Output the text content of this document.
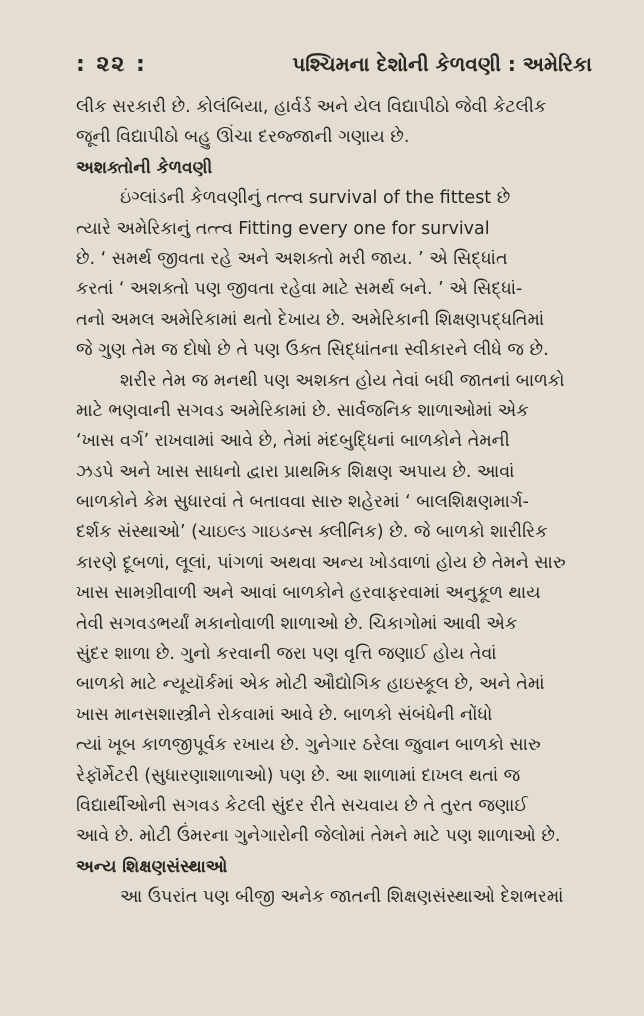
: ૨૨ :	પશ્ચિમના દેશોની કેળવણી : અમેરિકા
લીક સરકારી છે. કોલંબિયા, હાર્વર્ડ અને યેલ વિદ્યાપીઠો જેવી કેટલીક
જૂની વિદ્યાપીઠો બહુ ઊંચા દરજ્જાની ગણાય છે.
અશક્તોની કેળવણી
ઇંગ્લાંડની કેળવણીનું તત્ત્વ survival of the fittest છે
ત્યારે અમેરિકાનું તત્ત્વ Fitting every one for survival
છે. ‘ સમર્થ જીવતા રહે અને અશક્તો મરી જાય. ’ એ સિદ્ધાંત
કરતાં ‘ અશક્તો પણ જીવતા રહેવા માટે સમર્થ બને. ’ એ સિદ્ધાં-
તનો અમલ અમેરિકામાં થતો દેખાય છે. અમેરિકાની શિક્ષણપદ્ધતિમાં
જે ગુણ તેમ જ દોષો છે તે પણ ઉક્ત સિદ્ધાંતના સ્વીકારને લીધે જ છે.
શરીર તેમ જ મનથી પણ અશક્ત હોય તેવાં બધી જાતનાં બાળકો
માટે ભણવાની સગવડ અમેરિકામાં છે. સાર્વજનિક શાળાઓમાં એક
‘ખાસ વર્ગ’ રાખવામાં આવે છે, તેમાં મંદબુદ્ધિનાં બાળકોને તેમની
ઝડપે અને ખાસ સાધનો દ્વારા પ્રાથમિક શિક્ષણ અપાય છે. આવાં
બાળકોને કેમ સુધારવાં તે બતાવવા સારુ શહેરમાં ‘ બાલશિક્ષણમાર્ગ-
દર્શક સંસ્થાઓ’ (ચાઇલ્ડ ગાઇડન્સ ક્લીનિક) છે. જે બાળકો શારીરિક
કારણે દૂબળાં, લૂલાં, પાંગળાં અથવા અન્ય ખોડવાળાં હોય છે તેમને સારુ
ખાસ સામગ્રીવાળી અને આવાં બાળકોને હરવાફરવામાં અનુકૂળ થાય
તેવી સગવડભર્યાં મકાનોવાળી શાળાઓ છે. ચિકાગોમાં આવી એક
સુંદર શાળા છે. ગુનો કરવાની જરા પણ વૃત્તિ જણાઈ હોય તેવાં
બાળકો માટે ન્યૂયૉર્કમાં એક મોટી ઔદ્યોગિક હાઇસ્કૂલ છે, અને તેમાં
ખાસ માનસશાસ્ત્રીને રોકવામાં આવે છે. બાળકો સંબંધેની નોંધો
ત્યાં ખૂબ કાળજીપૂર્વક રખાય છે. ગુનેગાર ઠરેલા જુવાન બાળકો સારુ
રેફૉર્મેટરી (સુધારણાશાળાઓ) પણ છે. આ શાળામાં દાખલ થતાં જ
વિદ્યાર્થીઓની સગવડ કેટલી સુંદર રીતે સચવાય છે તે તુરત જણાઈ
આવે છે. મોટી ઉંમરના ગુનેગારોની જેલોમાં તેમને માટે પણ શાળાઓ છે.
અન્ય શિક્ષણસંસ્થાઓ
આ ઉપરાંત પણ બીજી અનેક જાતની શિક્ષણસંસ્થાઓ દેશભરમાં
